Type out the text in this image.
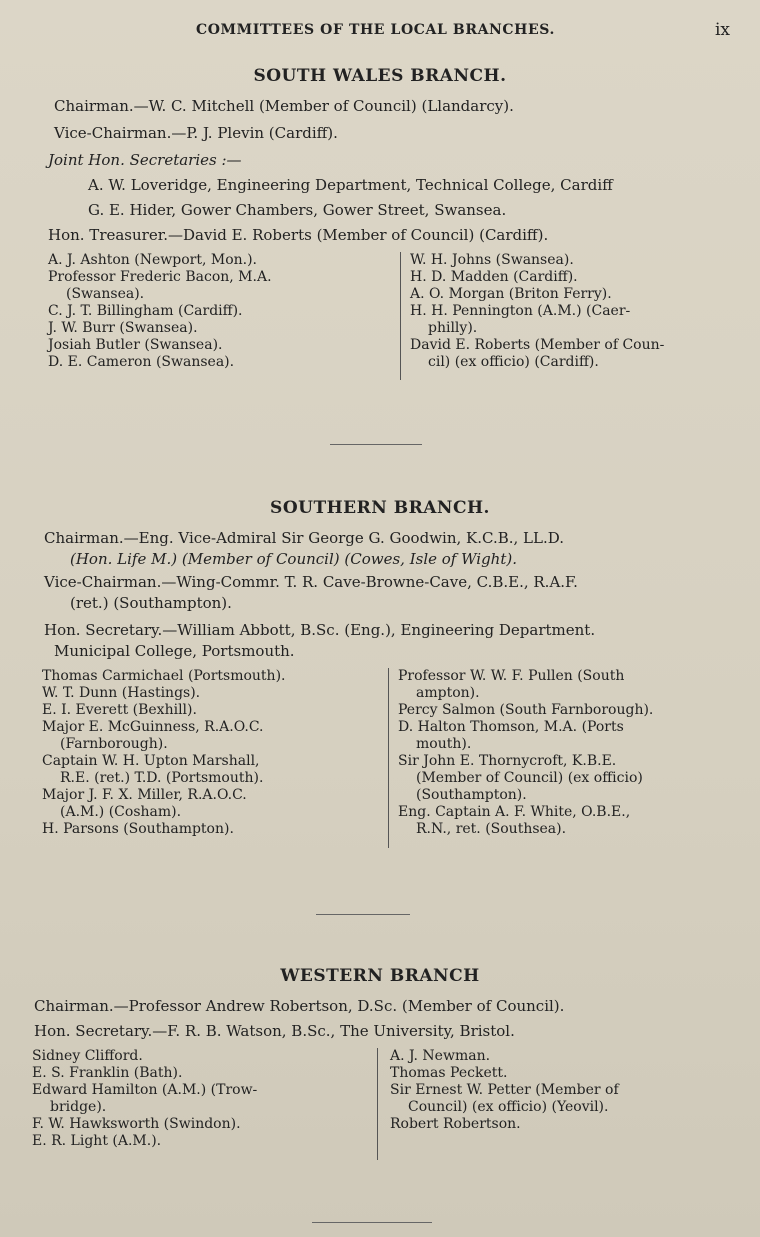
COMMITTEES OF THE LOCAL BRANCHES.	ix
SOUTH WALES BRANCH.

Chairman.—W. C. Mitchell (Member of Council) (Llandarcy).

Vice-Chairman.—P. J. Plevin (Cardiff).

Joint Hon. Secretaries :—

A. W. Loveridge, Engineering Department, Technical College, Cardiff

G. E. Hider, Gower Chambers, Gower Street, Swansea.

Hon. Treasurer.—David E. Roberts (Member of Council) (Cardiff).

A. J. Ashton (Newport, Mon.).

Professor Frederic Bacon, M.A.

(Swansea).

C. J. T. Billingham (Cardiff).

J. W. Burr (Swansea).

Josiah Butler (Swansea).

D. E. Cameron (Swansea).

W. H. Johns (Swansea).

H. D. Madden (Cardiff).

A. O. Morgan (Briton Ferry).

H. H. Pennington (A.M.) (Caer-

philly).

David E. Roberts (Member of Coun-

cil) (ex officio) (Cardiff).

SOUTHERN BRANCH.

Chairman.—Eng. Vice-Admiral Sir George G. Goodwin, K.C.B., LL.D.

(Hon. Life M.) (Member of Council) (Cowes, Isle of Wight).

Vice-Chairman.—Wing-Commr. T. R. Cave-Browne-Cave, C.B.E., R.A.F.

(ret.) (Southampton).

Hon. Secretary.—William Abbott, B.Sc. (Eng.), Engineering Department.

Municipal College, Portsmouth.

Thomas Carmichael (Portsmouth).

W. T. Dunn (Hastings).

E. I. Everett (Bexhill).

Major E. McGuinness, R.A.O.C.

(Farnborough).

Captain W. H. Upton Marshall,

R.E. (ret.) T.D. (Portsmouth).

Major J. F. X. Miller, R.A.O.C.

(A.M.) (Cosham).

H. Parsons (Southampton).

Professor W. W. F. Pullen (South

ampton).

Percy Salmon (South Farnborough).

D. Halton Thomson, M.A. (Ports

mouth).

Sir John E. Thornycroft, K.B.E.

(Member of Council) (ex officio)

(Southampton).

Eng. Captain A. F. White, O.B.E.,

R.N., ret. (Southsea).

WESTERN BRANCH

Chairman.—Professor Andrew Robertson, D.Sc. (Member of Council).

Hon. Secretary.—F. R. B. Watson, B.Sc., The University, Bristol.

Sidney Clifford.

E. S. Franklin (Bath).

Edward Hamilton (A.M.) (Trow-

bridge).

F. W. Hawksworth (Swindon).

E. R. Light (A.M.).

A. J. Newman.

Thomas Peckett.

Sir Ernest W. Petter (Member of

Council) (ex officio) (Yeovil).

Robert Robertson.
